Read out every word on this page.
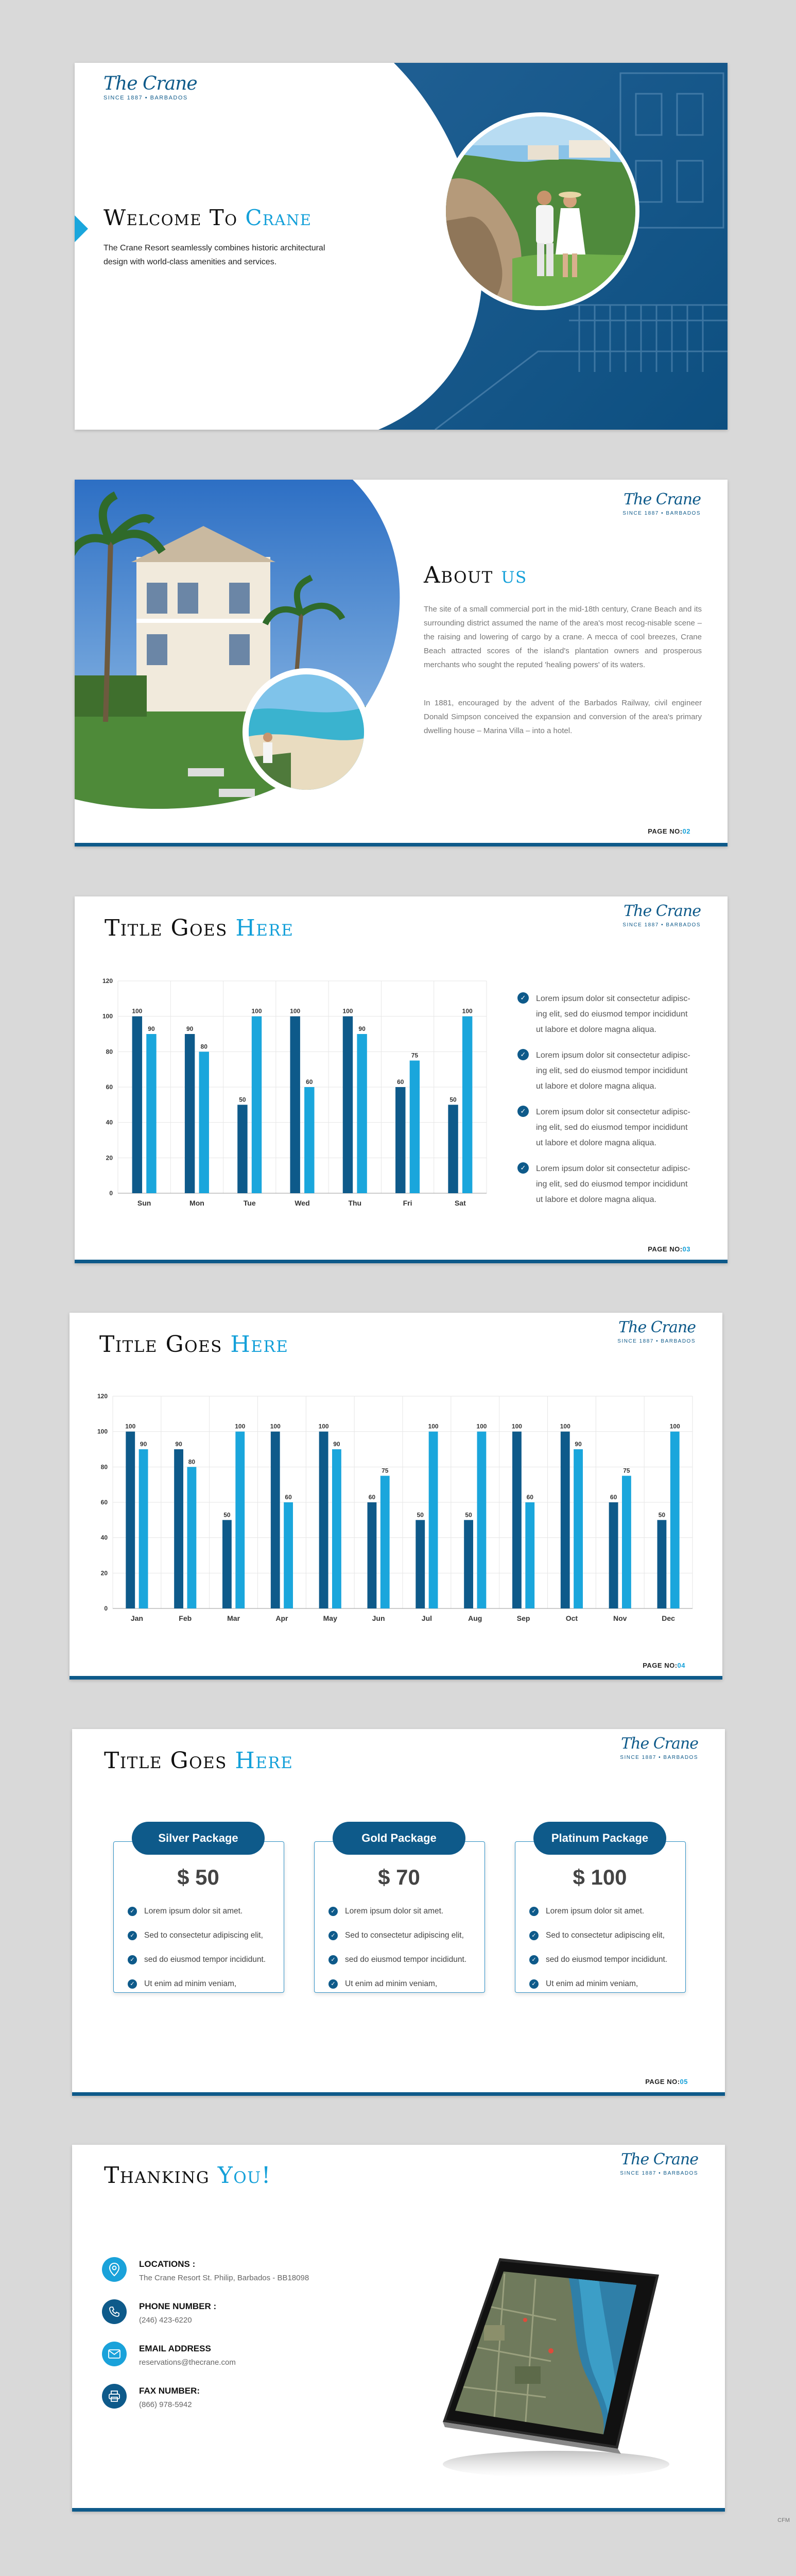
The Crane
SINCE 1887 • BARBADOS
Welcome To Crane
The Crane Resort seamlessly combines historic architectural design with world-class amenities and services.
The Crane
SINCE 1887 • BARBADOS
About us
The site of a small commercial port in the mid-18th century, Crane Beach and its surrounding district assumed the name of the area's most recog-nisable scene – the raising and lowering of cargo by a crane. A mecca of cool breezes, Crane Beach attracted scores of the island's plantation owners and prosperous merchants who sought the reputed 'healing powers' of its waters.
In 1881, encouraged by the advent of the Barbados Railway, civil engineer Donald Simpson conceived the expansion and conversion of the area's primary dwelling house – Marina Villa – into a hotel.
PAGE NO:02
The Crane
SINCE 1887 • BARBADOS
Title Goes Here
0
20
40
60
80
100
120
100
90
Sun
90
80
Mon
50
100
Tue
100
60
Wed
100
90
Thu
60
75
Fri
50
100
Sat
✓	Lorem ipsum dolor sit consectetur adipisc-
ing elit, sed do eiusmod tempor incididunt
ut labore et dolore magna aliqua.
✓	Lorem ipsum dolor sit consectetur adipisc-
ing elit, sed do eiusmod tempor incididunt
ut labore et dolore magna aliqua.
✓	Lorem ipsum dolor sit consectetur adipisc-
ing elit, sed do eiusmod tempor incididunt
ut labore et dolore magna aliqua.
✓	Lorem ipsum dolor sit consectetur adipisc-
ing elit, sed do eiusmod tempor incididunt
ut labore et dolore magna aliqua.
PAGE NO:03
The Crane
SINCE 1887 • BARBADOS
Title Goes Here
0
20
40
60
80
100
120
100
90
Jan
90
80
Feb
50
100
Mar
100
60
Apr
100
90
May
60
75
Jun
50
100
Jul
50
100
Aug
100
60
Sep
100
90
Oct
60
75
Nov
50
100
Dec
PAGE NO:04
The Crane
SINCE 1887 • BARBADOS
Title Goes Here
Silver Package
$ 50
✓ Lorem ipsum dolor sit amet.
✓ Sed to consectetur adipiscing elit,
✓ sed do eiusmod tempor incididunt.
✓ Ut enim ad minim veniam,
Gold Package
$ 70
✓ Lorem ipsum dolor sit amet.
✓ Sed to consectetur adipiscing elit,
✓ sed do eiusmod tempor incididunt.
✓ Ut enim ad minim veniam,
Platinum Package
$ 100
✓ Lorem ipsum dolor sit amet.
✓ Sed to consectetur adipiscing elit,
✓ sed do eiusmod tempor incididunt.
✓ Ut enim ad minim veniam,
PAGE NO:05
The Crane
SINCE 1887 • BARBADOS
Thanking You!
LOCATIONS :
The Crane Resort St. Philip, Barbados - BB18098
PHONE NUMBER :
(246) 423-6220
EMAIL ADDRESS
reservations@thecrane.com
FAX NUMBER:
(866) 978-5942
CFM
